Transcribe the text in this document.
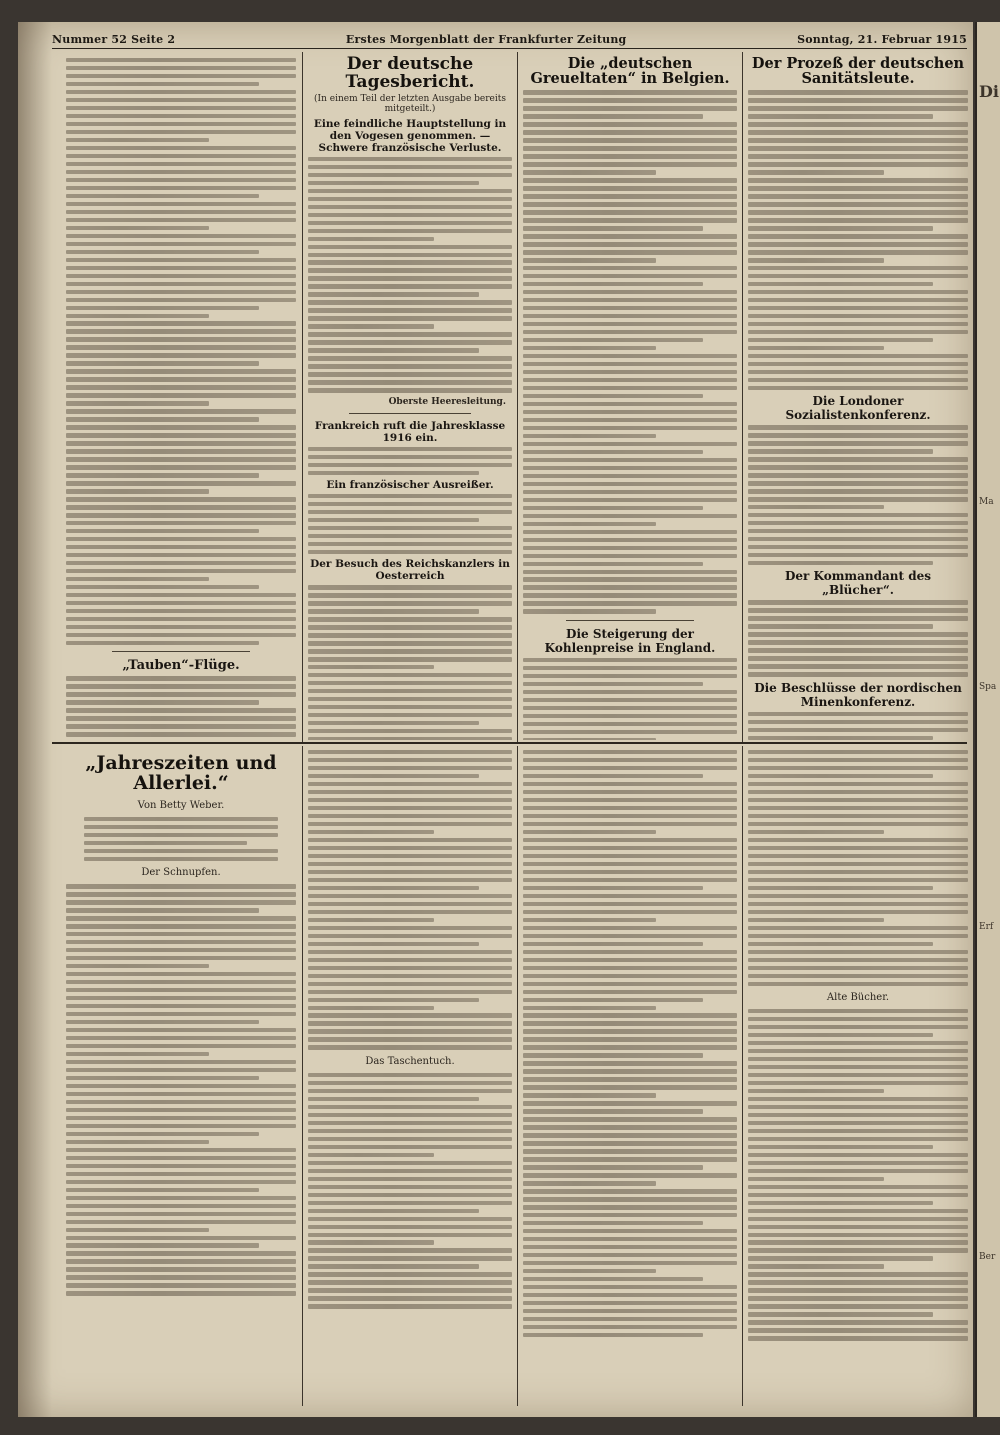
Di
Ma
Spa
Erf
Ber
Nummer 52 Seite 2	Erstes Morgenblatt der Frankfurter Zeitung	Sonntag, 21. Februar 1915
„Tauben“-Flüge.
Der deutsche Tagesbericht.
(In einem Teil der letzten Ausgabe bereits mitgeteilt.)
Eine feindliche Hauptstellung in den Vogesen genommen. — Schwere französische Verluste.
Oberste Heeresleitung.
Frankreich ruft die Jahresklasse 1916 ein.
Ein französischer Ausreißer.
Der Besuch des Reichskanzlers in Oesterreich
Die „deutschen Greueltaten“ in Belgien.
Die Steigerung der Kohlenpreise in England.
Der Prozeß der deutschen Sanitätsleute.
Die Londoner Sozialistenkonferenz.
Der Kommandant des „Blücher“.
Die Beschlüsse der nordischen Minenkonferenz.
„Jahreszeiten und Allerlei.“
Von Betty Weber.
Der Schnupfen.
Das Taschentuch.
Alte Bücher.
